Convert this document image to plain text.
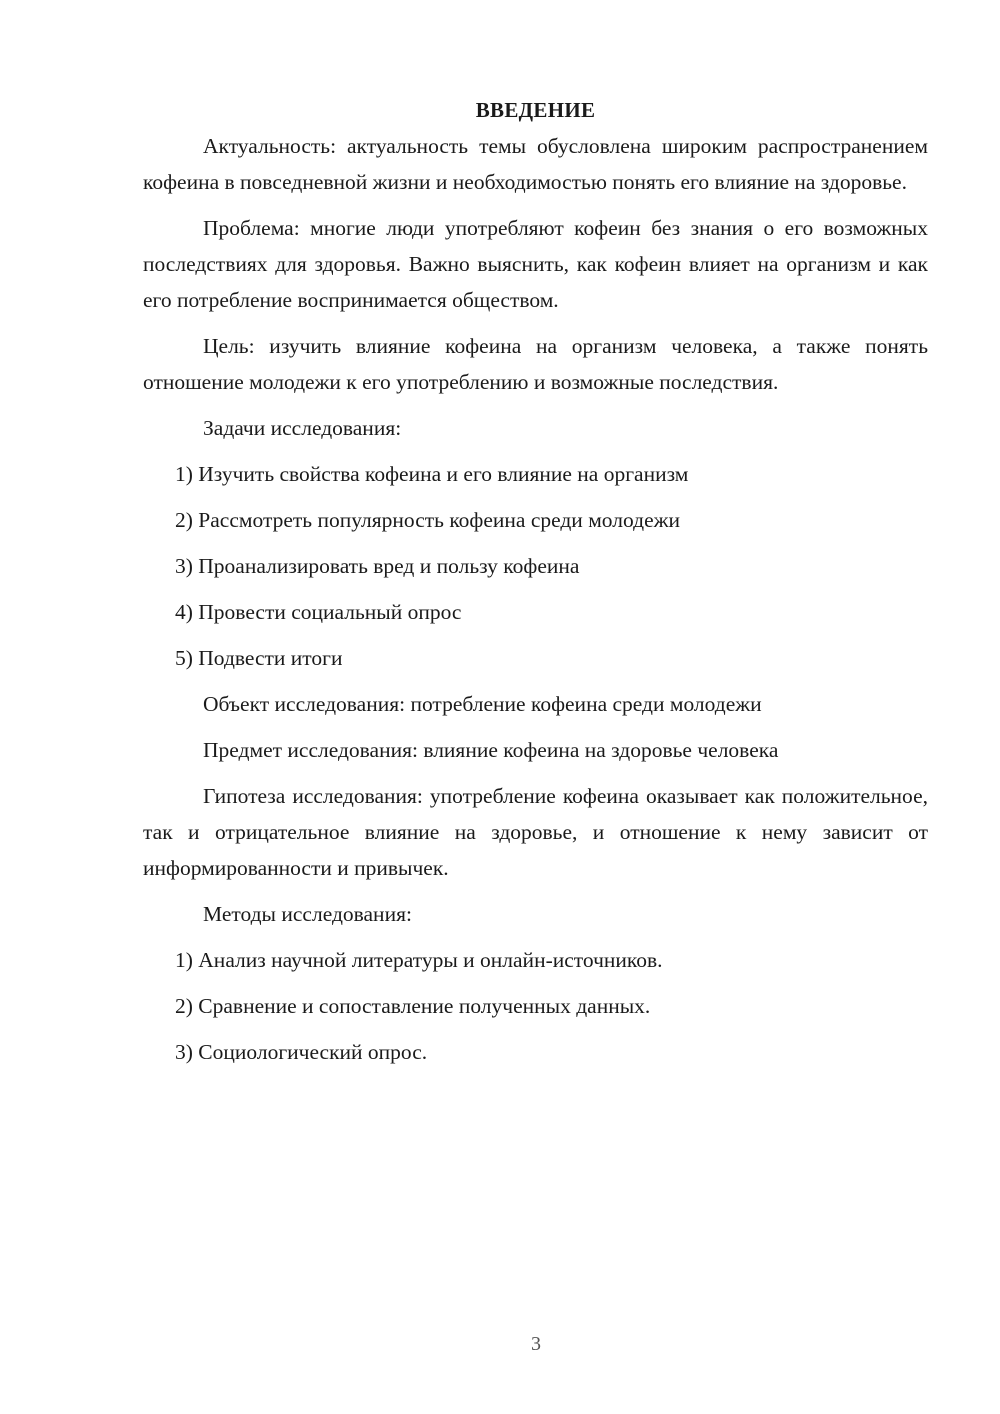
ВВЕДЕНИЕ

Актуальность: актуальность темы обусловлена широким распространением кофеина в повседневной жизни и необходимостью понять его влияние на здоровье.

Проблема: многие люди употребляют кофеин без знания о его возможных последствиях для здоровья. Важно выяснить, как кофеин влияет на организм и как его потребление воспринимается обществом.

Цель: изучить влияние кофеина на организм человека, а также понять отношение молодежи к его употреблению и возможные последствия.

Задачи исследования:
1) Изучить свойства кофеина и его влияние на организм
2) Рассмотреть популярность кофеина среди молодежи
3) Проанализировать вред и пользу кофеина
4) Провести социальный опрос
5) Подвести итоги
Объект исследования: потребление кофеина среди молодежи
Предмет исследования: влияние кофеина на здоровье человека

Гипотеза исследования: употребление кофеина оказывает как положительное, так и отрицательное влияние на здоровье, и отношение к нему зависит от информированности и привычек.

Методы исследования:
1) Анализ научной литературы и онлайн-источников.
2) Сравнение и сопоставление полученных данных.
3) Социологический опрос.
3
